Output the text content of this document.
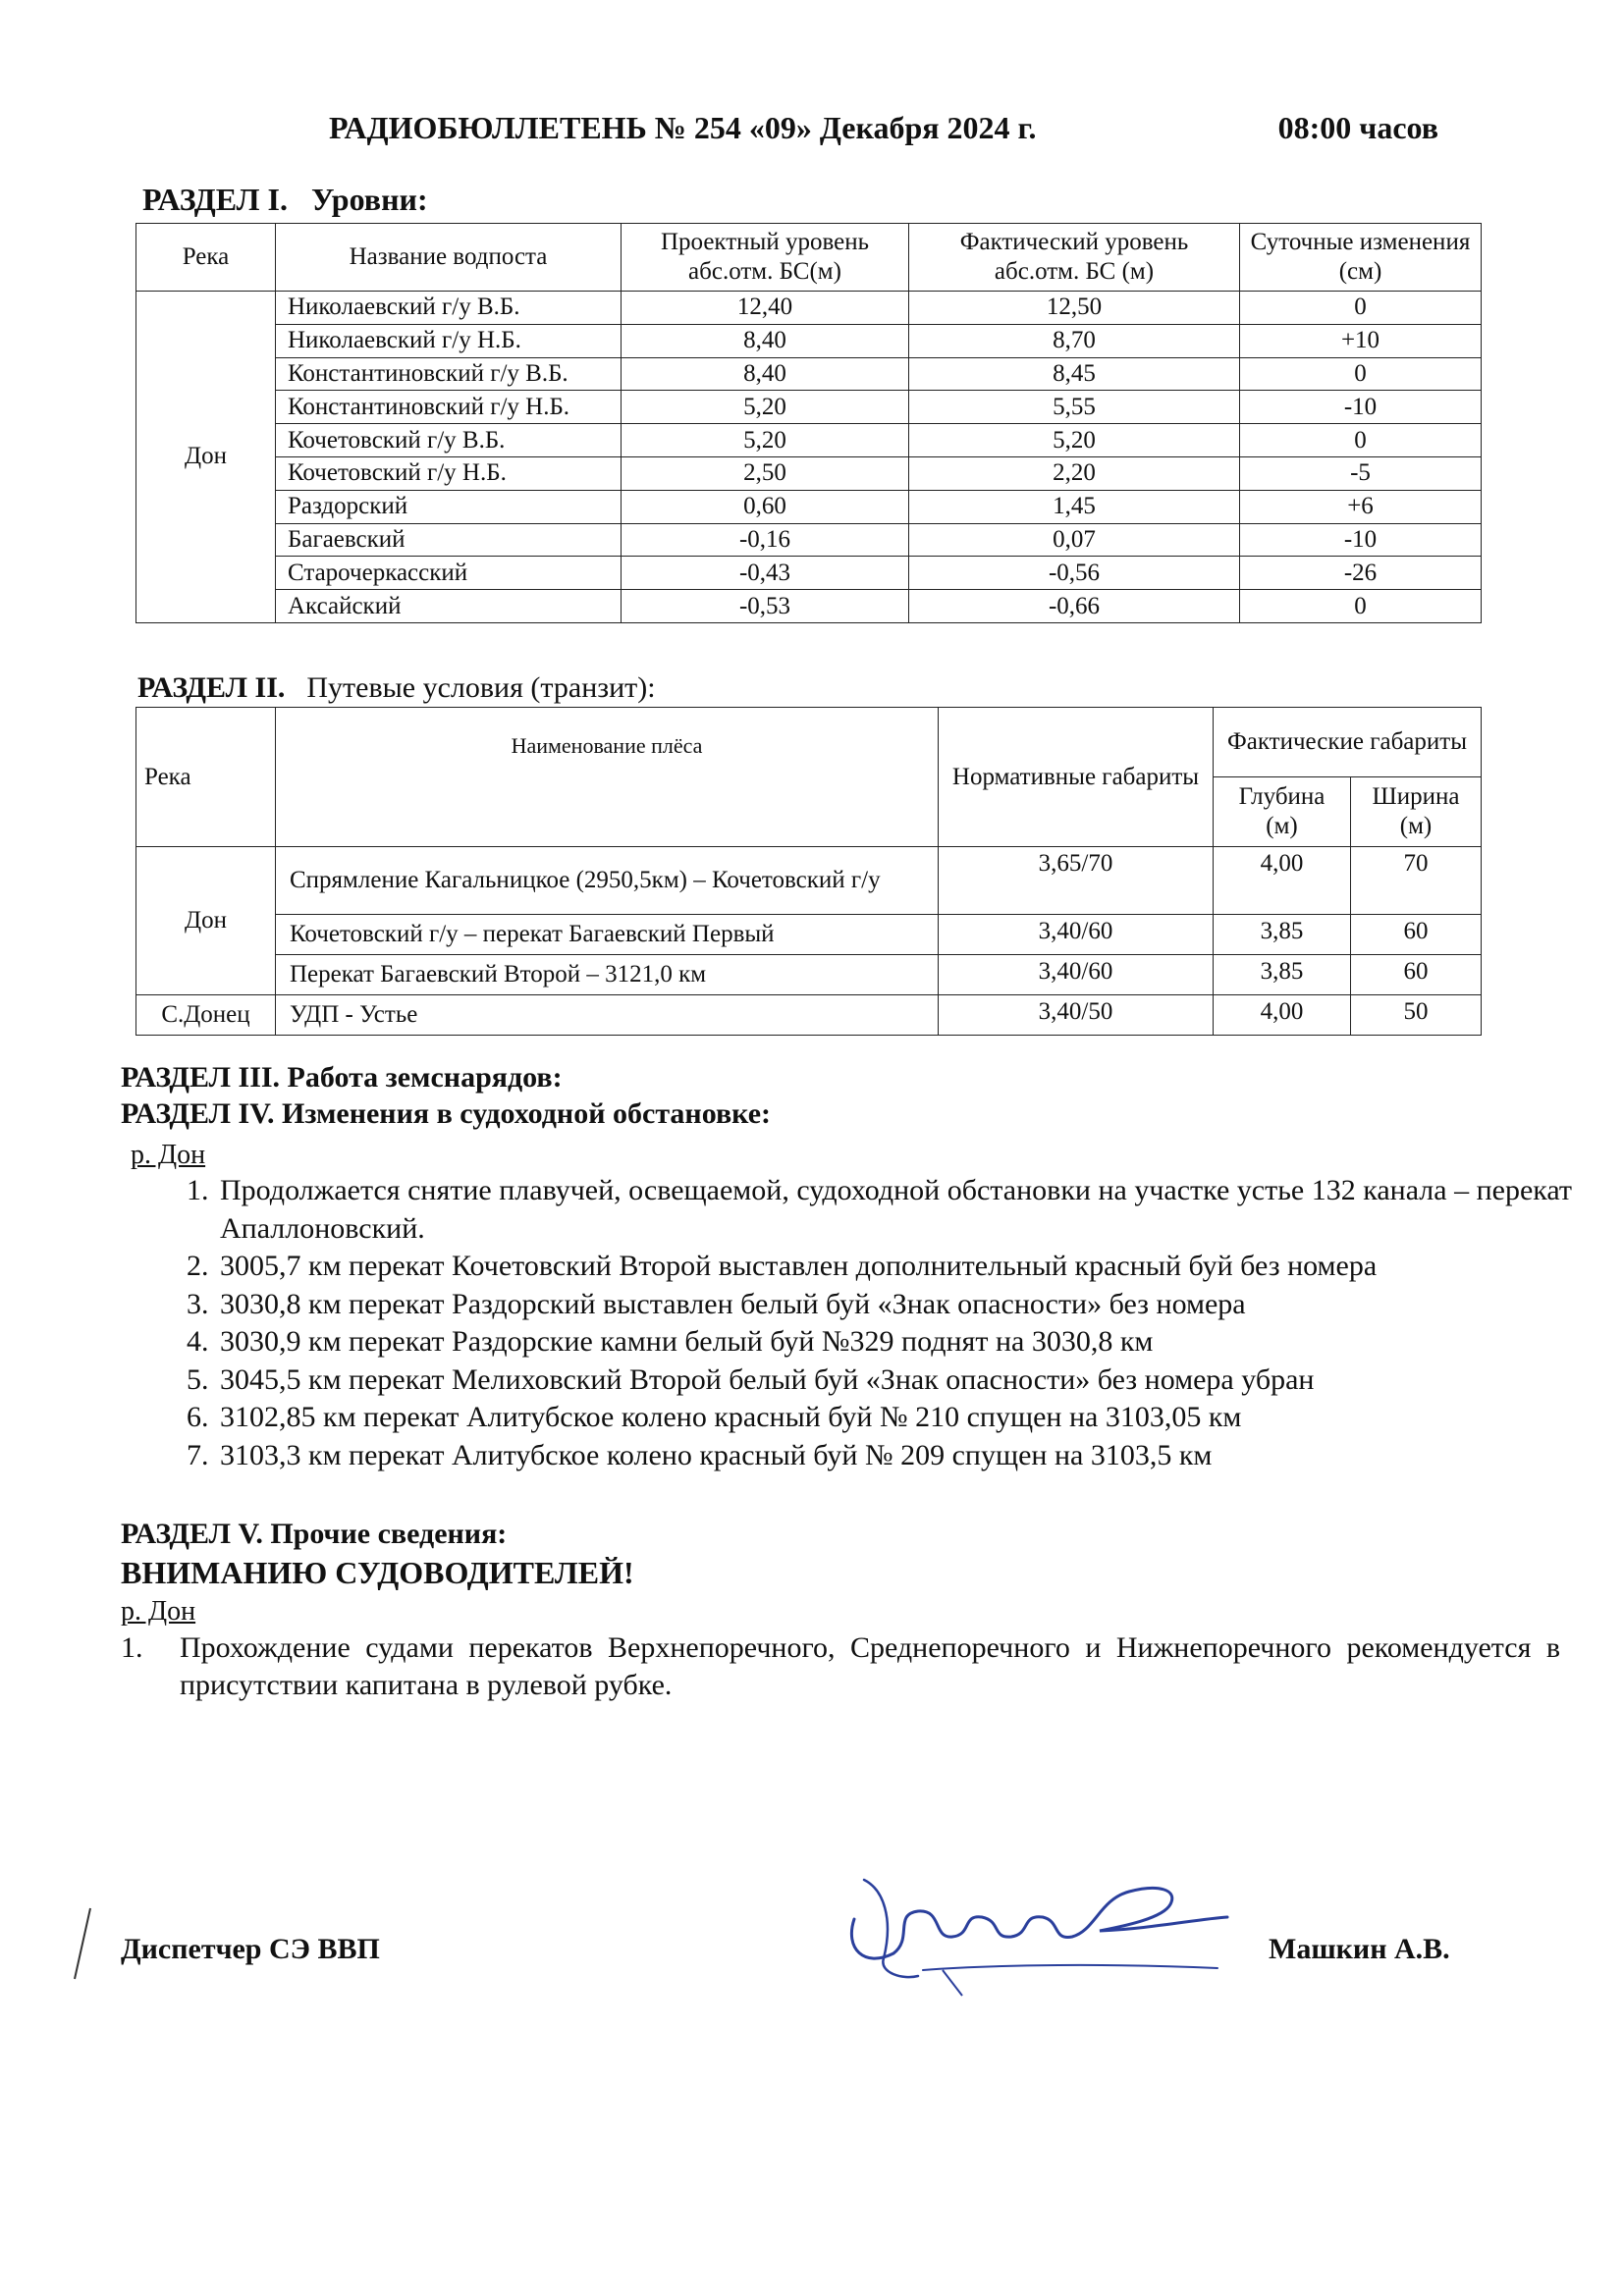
РАДИОБЮЛЛЕТЕНЬ № 254 «09» Декабря 2024 г.	08:00 часов
РАЗДЕЛ I. Уровни:
Река	Название водпоста	Проектный уровень абс.отм. БС(м)	Фактический уровень абс.отм. БС (м)	Суточные изменения (см)
Дон	Николаевский г/у В.Б.	12,40	12,50	0
	Николаевский г/у Н.Б.	8,40	8,70	+10
	Константиновский г/у В.Б.	8,40	8,45	0
	Константиновский г/у Н.Б.	5,20	5,55	-10
	Кочетовский г/у В.Б.	5,20	5,20	0
	Кочетовский г/у Н.Б.	2,50	2,20	-5
	Раздорский	0,60	1,45	+6
	Багаевский	-0,16	0,07	-10
	Старочеркасский	-0,43	-0,56	-26
	Аксайский	-0,53	-0,66	0
РАЗДЕЛ II. Путевые условия (транзит):
Река	Наименование плёса	Нормативные габариты	Фактические габариты	
			Глубина (м)	Ширина (м)
Дон	Спрямление Кагальницкое (2950,5км) – Кочетовский г/у	3,65/70	4,00	70
	Кочетовский г/у – перекат Багаевский Первый	3,40/60	3,85	60
	Перекат Багаевский Второй – 3121,0 км	3,40/60	3,85	60
С.Донец	УДП - Устье	3,40/50	4,00	50
РАЗДЕЛ III. Работа земснарядов:
РАЗДЕЛ IV. Изменения в судоходной обстановке:
р. Дон
1. Продолжается снятие плавучей, освещаемой, судоходной обстановки на участке устье 132 канала – перекат Апаллоновский.
2. 3005,7 км перекат Кочетовский Второй выставлен дополнительный красный буй без номера
3. 3030,8 км перекат Раздорский выставлен белый буй «Знак опасности» без номера
4. 3030,9 км перекат Раздорские камни белый буй №329 поднят на 3030,8 км
5. 3045,5 км перекат Мелиховский Второй белый буй «Знак опасности» без номера убран
6. 3102,85 км перекат Алитубское колено красный буй № 210 спущен на 3103,05 км
7. 3103,3 км перекат Алитубское колено красный буй № 209 спущен на 3103,5 км
РАЗДЕЛ V. Прочие сведения:
ВНИМАНИЮ СУДОВОДИТЕЛЕЙ!
р. Дон
1. Прохождение судами перекатов Верхнепоречного, Среднепоречного и Нижнепоречного рекомендуется в присутствии капитана в рулевой рубке.
Диспетчер СЭ ВВП	Машкин А.В.
